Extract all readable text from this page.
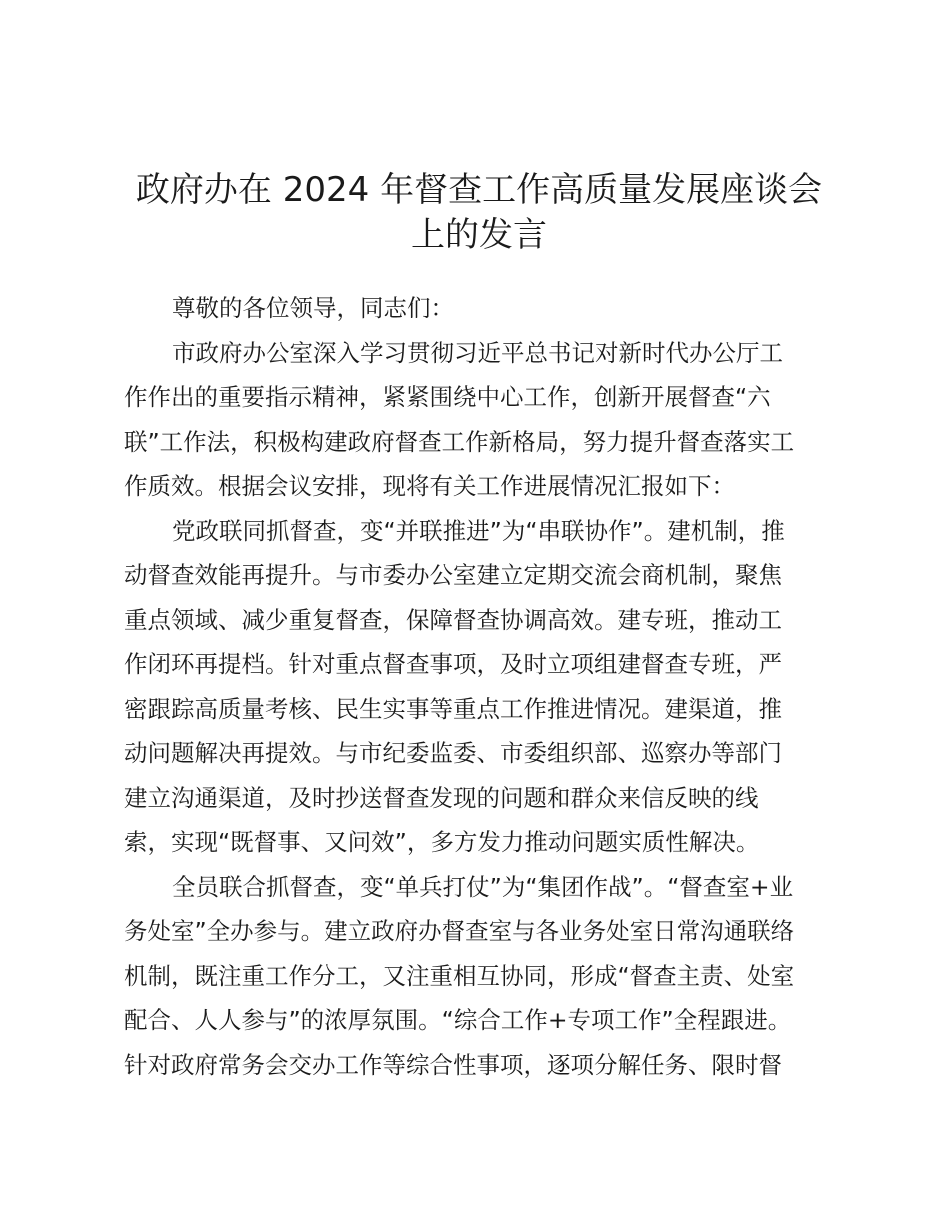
政府办在 2024 年督查工作高质量发展座谈会
上的发言

尊敬的各位领导，同志们：

市政府办公室深入学习贯彻习近平总书记对新时代办公厅工
作作出的重要指示精神，紧紧围绕中心工作，创新开展督查“六
联”工作法，积极构建政府督查工作新格局，努力提升督查落实工
作质效。根据会议安排，现将有关工作进展情况汇报如下：

党政联同抓督查，变“并联推进”为“串联协作”。建机制，推
动督查效能再提升。与市委办公室建立定期交流会商机制，聚焦
重点领域、减少重复督查，保障督查协调高效。建专班，推动工
作闭环再提档。针对重点督查事项，及时立项组建督查专班，严
密跟踪高质量考核、民生实事等重点工作推进情况。建渠道，推
动问题解决再提效。与市纪委监委、市委组织部、巡察办等部门
建立沟通渠道，及时抄送督查发现的问题和群众来信反映的线
索，实现“既督事、又问效”，多方发力推动问题实质性解决。

全员联合抓督查，变“单兵打仗”为“集团作战”。“督查室+业
务处室”全办参与。建立政府办督查室与各业务处室日常沟通联络
机制，既注重工作分工，又注重相互协同，形成“督查主责、处室
配合、人人参与”的浓厚氛围。“综合工作+专项工作”全程跟进。
针对政府常务会交办工作等综合性事项，逐项分解任务、限时督
